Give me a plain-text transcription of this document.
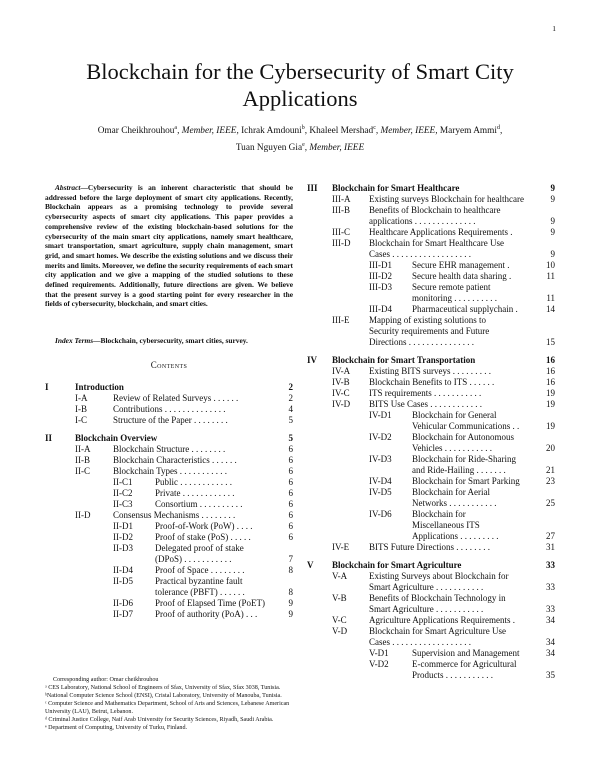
1
Blockchain for the Cybersecurity of Smart City
Applications
Omar Cheikhrouhou$^a$, Member, IEEE, Ichrak Amdouni$^b$, Khaleel Mershad$^c$, Member, IEEE, Maryem Ammi$^d$,
Tuan Nguyen Gia$^e$, Member, IEEE

Abstract—Cybersecurity is an inherent characteristic that should be addressed before the large deployment of smart city applications. Recently, Blockchain appears as a promising technology to provide several cybersecurity aspects of smart city applications. This paper provides a comprehensive review of the existing blockchain-based solutions for the cybersecurity of the main smart city applications, namely smart healthcare, smart transportation, smart agriculture, supply chain management, smart grid, and smart homes. We describe the existing solutions and we discuss their merits and limits. Moreover, we define the security requirements of each smart city application and we give a mapping of the studied solutions to these defined requirements. Additionally, future directions are given. We believe that the present survey is a good starting point for every researcher in the fields of cybersecurity, blockchain, and smart cities.

Index Terms—Blockchain, cybersecurity, smart cities, survey.

Contents
I	Introduction	2
I-A	Review of Related Surveys . . . . . .	2
I-B	Contributions . . . . . . . . . . . . . .	4
I-C	Structure of the Paper . . . . . . . .	5
II	Blockchain Overview	5
II-A	Blockchain Structure . . . . . . . .	6
II-B	Blockchain Characteristics . . . . . .	6
II-C	Blockchain Types . . . . . . . . . . .	6
II-C1	Public . . . . . . . . . . . .	6
II-C2	Private . . . . . . . . . . . .	6
II-C3	Consortium . . . . . . . . . .	6
II-D	Consensus Mechanisms . . . . . . . .	6
II-D1 Proof-of-Work (PoW) . . . .	6
II-D2 Proof of stake (PoS) . . . . .	6
II-D3 Delegated proof of stake
(DPoS) . . . . . . . . . . .	7
II-D4 Proof of Space . . . . . . . .	8
II-D5 Practical byzantine fault
tolerance (PBFT) . . . . . .	8
II-D6 Proof of Elapsed Time (PoET)	9
II-D7 Proof of authority (PoA) . . .	9
III Blockchain for Smart Healthcare	9
III-A Existing surveys Blockchain for healthcare	9
III-B Benefits of Blockchain to healthcare
applications . . . . . . . . . . . . . .	9
III-C Healthcare Applications Requirements .	9
III-D Blockchain for Smart Healthcare Use
Cases . . . . . . . . . . . . . . . . . .	9
III-D1 Secure EHR management .	10
III-D2 Secure health data sharing .	11
III-D3 Secure remote patient
monitoring . . . . . . . . . .	11
III-D4 Pharmaceutical supplychain .	14
III-E Mapping of existing solutions to
Security requirements and Future
Directions . . . . . . . . . . . . . . .	15
IV Blockchain for Smart Transportation	16
IV-A Existing BITS surveys . . . . . . . . .	16
IV-B Blockchain Benefits to ITS . . . . . .	16
IV-C ITS requirements . . . . . . . . . . .	19
IV-D BITS Use Cases . . . . . . . . . . . .	19
IV-D1 Blockchain for General
Vehicular Communications . .	19
IV-D2 Blockchain for Autonomous
Vehicles . . . . . . . . . . .	20
IV-D3 Blockchain for Ride-Sharing
and Ride-Hailing . . . . . . .	21
IV-D4 Blockchain for Smart Parking	23
IV-D5 Blockchain for Aerial
Networks . . . . . . . . . . .	25
IV-D6 Blockchain for
Miscellaneous ITS
Applications . . . . . . . . .	27
IV-E BITS Future Directions . . . . . . . .	31
V Blockchain for Smart Agriculture	33
V-A Existing Surveys about Blockchain for
Smart Agriculture . . . . . . . . . . .	33
V-B Benefits of Blockchain Technology in
Smart Agriculture . . . . . . . . . . .	33
V-C Agriculture Applications Requirements .	34
V-D Blockchain for Smart Agriculture Use
Cases . . . . . . . . . . . . . . . . . .	34
V-D1	Supervision and Management	34
V-D2	E-commerce for Agricultural
Products . . . . . . . . . . .	35
Corresponding author: Omar cheikhrouhou
ᵃ CES Laboratory, National School of Engineers of Sfax, University of Sfax, Sfax 3038, Tunisia.
ᵇNational Computer Science School (ENSI), Cristal Laboratory, University of Manouba, Tunisia.
ᶜ Computer Science and Mathematics Department, School of Arts and Sciences, Lebanese American University (LAU), Beirut, Lebanon.
ᵈ Criminal Justice College, Naif Arab University for Security Sciences, Riyadh, Saudi Arabia.
ᵉ Department of Computing, University of Turku, Finland.
